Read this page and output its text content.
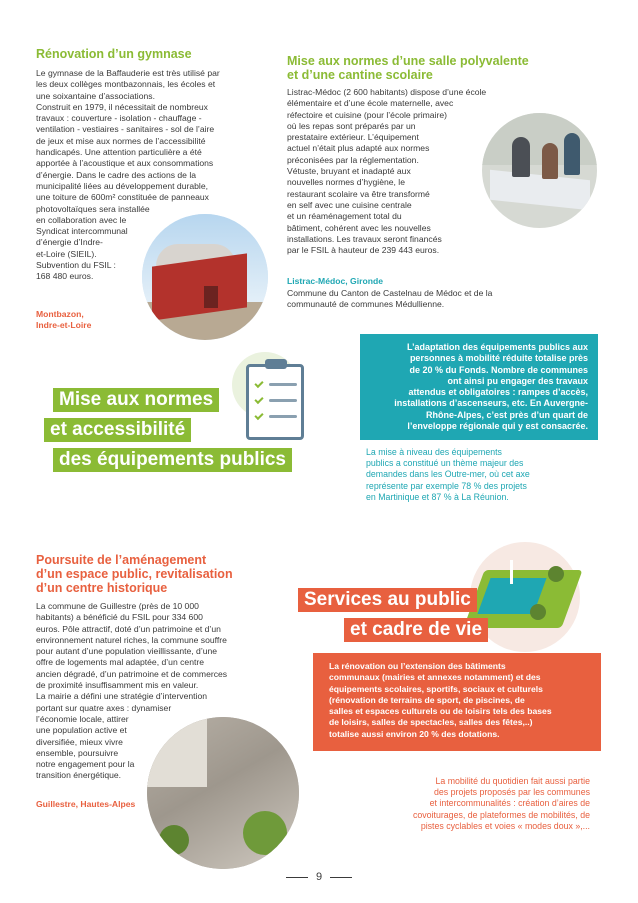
Rénovation d’un gymnase
Le gymnase de la Baffauderie est très utilisé par
les deux collèges montbazonnais, les écoles et
une soixantaine d’associations.
Construit en 1979, il nécessitait de nombreux
travaux : couverture - isolation - chauffage -
ventilation - vestiaires - sanitaires - sol de l’aire
de jeux et mise aux normes de l’accessibilité
handicapés. Une attention particulière a été
apportée à l’acoustique et aux consommations
d’énergie. Dans le cadre des actions de la
municipalité liées au développement durable,
une toiture de 600m² constituée de panneaux
photovoltaïques sera installée
en collaboration avec le
Syndicat intercommunal
d’énergie d’Indre-
et-Loire (SIEIL).
Subvention du FSIL :
168 480 euros.
Montbazon,
Indre-et-Loire
Mise aux normes d’une salle polyvalente
et d’une cantine scolaire
Listrac-Médoc (2 600 habitants) dispose d’une école
élémentaire et d’une école maternelle, avec
réfectoire et cuisine (pour l’école primaire)
où les repas sont préparés par un
prestataire extérieur. L’équipement
actuel n’était plus adapté aux normes
préconisées par la réglementation.
Vétuste, bruyant et inadapté aux
nouvelles normes d’hygiène, le
restaurant scolaire va être transformé
en self avec une cuisine centrale
et un réaménagement total du
bâtiment, cohérent avec les nouvelles
installations. Les travaux seront financés
par le FSIL à hauteur de 239 443 euros.
Listrac-Médoc, Gironde
Commune du Canton de Castelnau de Médoc et de la
communauté de communes Médullienne.
L’adaptation des équipements publics aux
personnes à mobilité réduite totalise près
de 20 % du Fonds. Nombre de communes
ont ainsi pu engager des travaux
attendus et obligatoires : rampes d’accès,
installations d’ascenseurs, etc. En Auvergne-
Rhône-Alpes, c’est près d’un quart de
l’enveloppe régionale qui y est consacrée.
Mise aux normes
et accessibilité
des équipements publics	La mise à niveau des équipements
publics a constitué un thème majeur des
demandes dans les Outre-mer, où cet axe
représente par exemple 78 % des projets
en Martinique et 87 % à La Réunion.
Poursuite de l’aménagement
d’un espace public, revitalisation
d’un centre historique
La commune de Guillestre (près de 10 000
habitants) a bénéficié du FSIL pour 334 600
euros. Pôle attractif, doté d’un patrimoine et d’un
environnement naturel riches, la commune souffre
pour autant d’une population vieillissante, d’une
offre de logements mal adaptée, d’un centre
ancien dégradé, d’un patrimoine et de commerces
de proximité insuffisamment mis en valeur.
La mairie a défini une stratégie d’intervention
portant sur quatre axes : dynamiser
l’économie locale, attirer
une population active et
diversifiée, mieux vivre
ensemble, poursuivre
notre engagement pour la
transition énergétique.
Guillestre, Hautes-Alpes
Services au public
et cadre de vie
La rénovation ou l’extension des bâtiments
communaux (mairies et annexes notamment) et des
équipements scolaires, sportifs, sociaux et culturels
(rénovation de terrains de sport, de piscines, de
salles et espaces culturels ou de loisirs tels des bases
de loisirs, salles de spectacles, salles des fêtes,..)
totalise aussi environ 20 % des dotations.
La mobilité du quotidien fait aussi partie
des projets proposés par les communes
et intercommunalités : création d’aires de
covoiturages, de plateformes de mobilités, de
pistes cyclables et voies « modes doux »,...
9
